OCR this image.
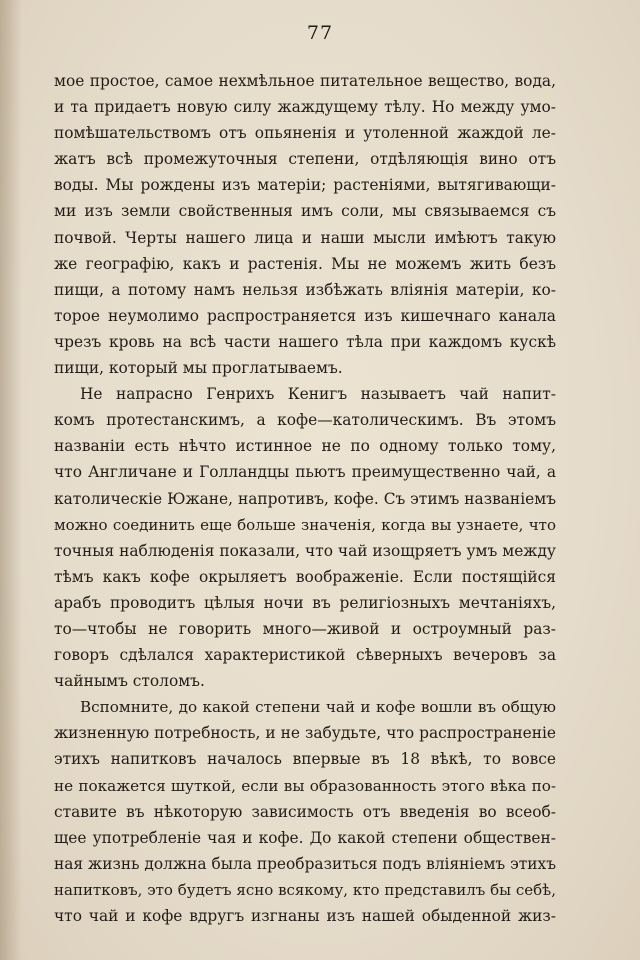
77
мое простое, самое нехмѣльное питательное вещество, вода,
и та придаетъ новую силу жаждущему тѣлу. Но между умо-
помѣшательствомъ отъ опьяненія и утоленной жаждой ле-
жатъ всѣ промежуточныя степени, отдѣляющія вино отъ
воды. Мы рождены изъ матеріи; растеніями, вытягивающи-
ми изъ земли свойственныя имъ соли, мы связываемся съ
почвой. Черты нашего лица и наши мысли имѣютъ такую
же географію, какъ и растенія. Мы не можемъ жить безъ
пищи, а потому намъ нельзя избѣжать вліянія матеріи, ко-
торое неумолимо распространяется изъ кишечнаго канала
чрезъ кровь на всѣ части нашего тѣла при каждомъ кускѣ
пищи, который мы проглатываемъ.
Не напрасно Генрихъ Кенигъ называетъ чай напит-
комъ протестанскимъ, а кофе—католическимъ. Въ этомъ
названіи есть нѣчто истинное не по одному только тому,
что Англичане и Голландцы пьютъ преимущественно чай, а
католическіе Южане, напротивъ, кофе. Съ этимъ названіемъ
можно соединить еще больше значенія, когда вы узнаете, что
точныя наблюденія показали, что чай изощряетъ умъ между
тѣмъ какъ кофе окрыляетъ воображеніе. Если постящійся
арабъ проводитъ цѣлыя ночи въ религіозныхъ мечтаніяхъ,
то—чтобы не говорить много—живой и остроумный раз-
говоръ сдѣлался характеристикой сѣверныхъ вечеровъ за
чайнымъ столомъ.
Вспомните, до какой степени чай и кофе вошли въ общую
жизненную потребность, и не забудьте, что распространеніе
этихъ напитковъ началось впервые въ 18 вѣкѣ, то вовсе
не покажется шуткой, если вы образованность этого вѣка по-
ставите въ нѣкоторую зависимость отъ введенія во всеоб-
щее употребленіе чая и кофе. До какой степени обществен-
ная жизнь должна была преобразиться подъ вліяніемъ этихъ
напитковъ, это будетъ ясно всякому, кто представилъ бы себѣ,
что чай и кофе вдругъ изгнаны изъ нашей обыденной жиз-
